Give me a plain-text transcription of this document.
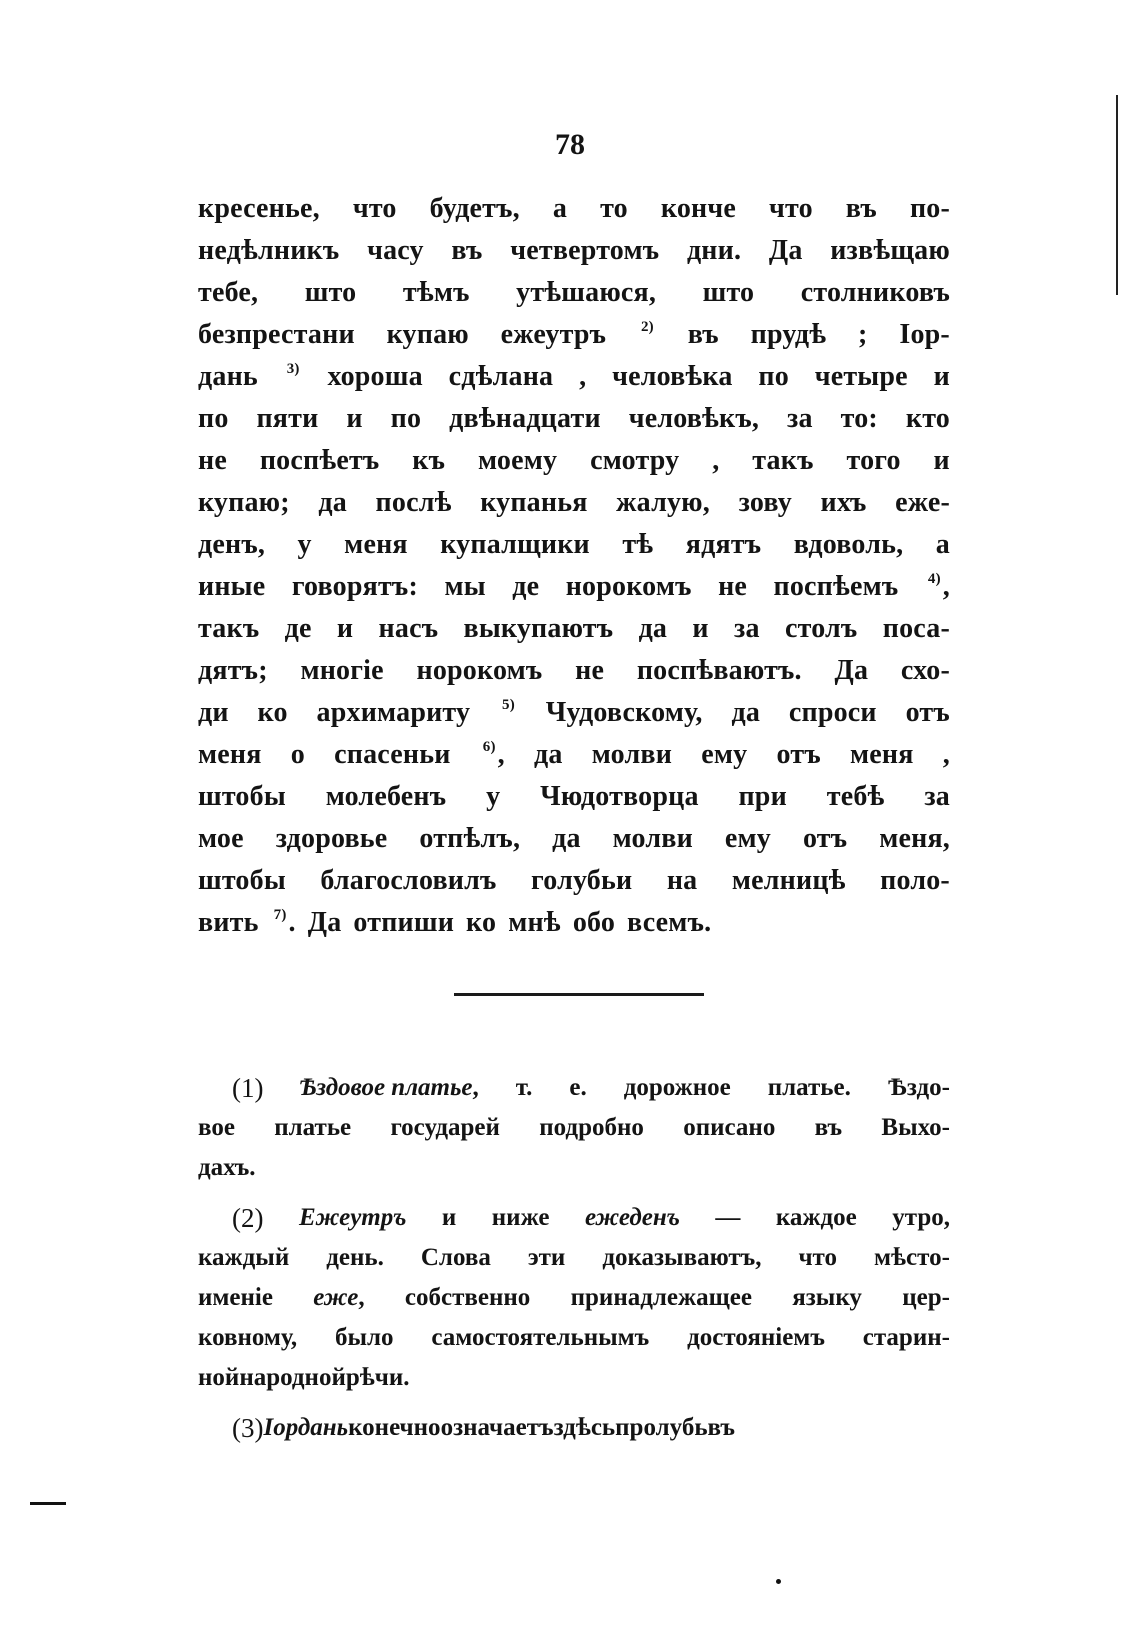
78
кресенье, что будетъ, а то конче что въ по-
недѣлникъ часу въ четвертомъ дни. Да извѣщаю
тебе, што тѣмъ утѣшаюся, што столниковъ
безпрестани купаю ежеутръ $^{2)}$ въ прудѣ ; Іор-
дань $^{3)}$ хороша сдѣлана , человѣка по четыре и
по пяти и по двѣнадцати человѣкъ, за то: кто
не поспѣетъ къ моему смотру , такъ того и
купаю; да послѣ купанья жалую, зову ихъ еже-
денъ, у меня купалщики тѣ ядятъ вдоволь, а
иные говорятъ: мы де норокомъ не поспѣемъ $^{4)}$,
такъ де и насъ выкупаютъ да и за столъ поса-
дятъ; многіе норокомъ не поспѣваютъ. Да схо-
ди ко архимариту $^{5)}$ Чудовскому, да спроси отъ
меня о спасеньи $^{6)}$, да молви ему отъ меня ,
штобы молебенъ у Чюдотворца при тебѣ за
мое здоровье отпѣлъ, да молви ему отъ меня,
штобы благословилъ голубьи на мелницѣ поло-
вить $^{7)}$. Да отпиши ко мнѣ обо всемъ.
(1) Ѣздовое платье, т. е. дорожное платье. Ѣздо-
вое платье государей подробно описано въ Выхо-
дахъ.
(2) Ежеутръ и ниже ежеденъ — каждое утро,
каждый день. Слова эти доказываютъ, что мѣсто-
именіе еже, собственно принадлежащее языку цер-
ковному, было самостоятельнымъ достояніемъ старин-
ной народной рѣчи.
(3) Іордань конечно означаетъ здѣсь пролубь въ
